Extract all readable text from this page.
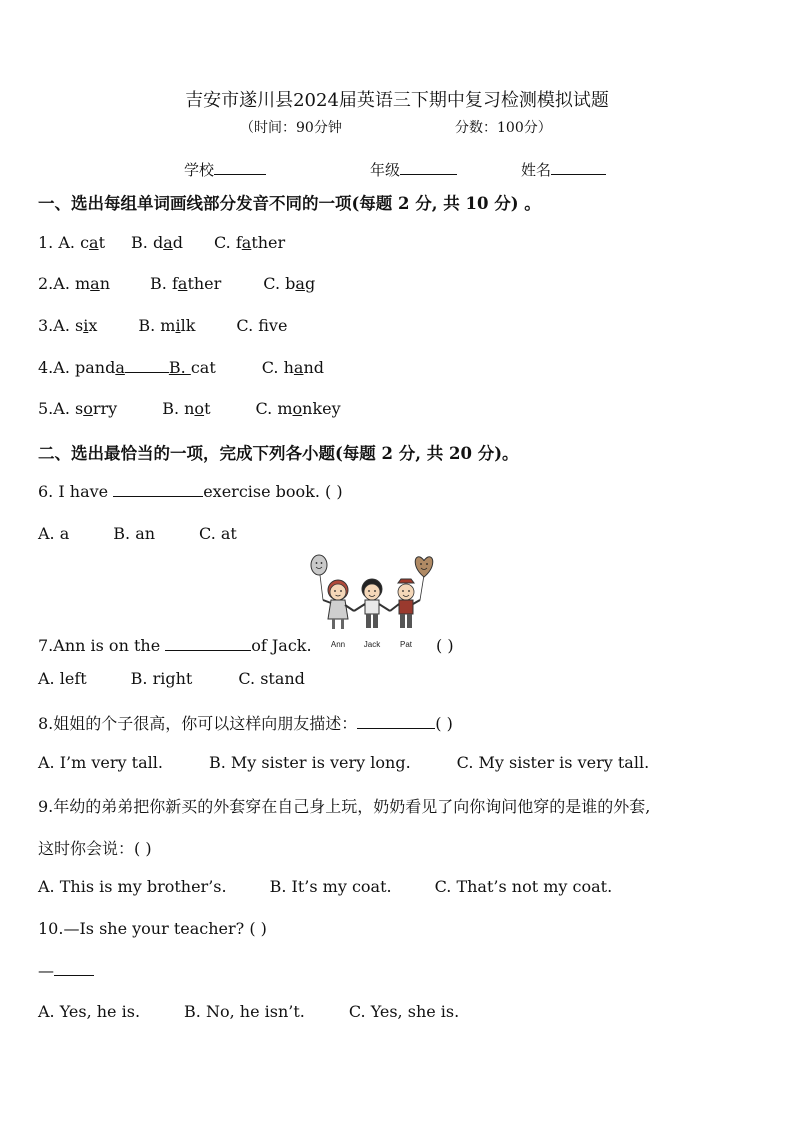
吉安市遂川县2024届英语三下期中复习检测模拟试题
（时间：90分钟	分数：100分）
学校	年级	姓名
一、选出每组单词画线部分发音不同的一项(每题 2 分, 共 10 分) 。
1. A. cat B. dad C. father
2.A. man	B. father	C. bag
3.A. six	B. milk	C. fve
4.A. panda	B. cat	C. hand
5.A. sorry	B. not	C. monkey
二、选出最恰当的一项，完成下列各小题(每题 2 分, 共 20 分)。
6. I have	exercise book. ( )
A. a	B. an	C. at
Ann Jack Pat
7.Ann is on the	of Jack.	( )
A. left	B. right	C. stand
8.姐姐的个子很高，你可以这样向朋友描述：	( )
A. I’m very tall.	B. My sister is very long.	C. My sister is very tall.
9.年幼的弟弟把你新买的外套穿在自己身上玩，奶奶看见了向你询问他穿的是谁的外套,
这时你会说：( )
A. This is my brother’s.	B. It’s my coat.	C. That’s not my coat.
10.—Is she your teacher? ( )
—
A. Yes, he is.	B. No, he isn’t.	C. Yes, she is.
